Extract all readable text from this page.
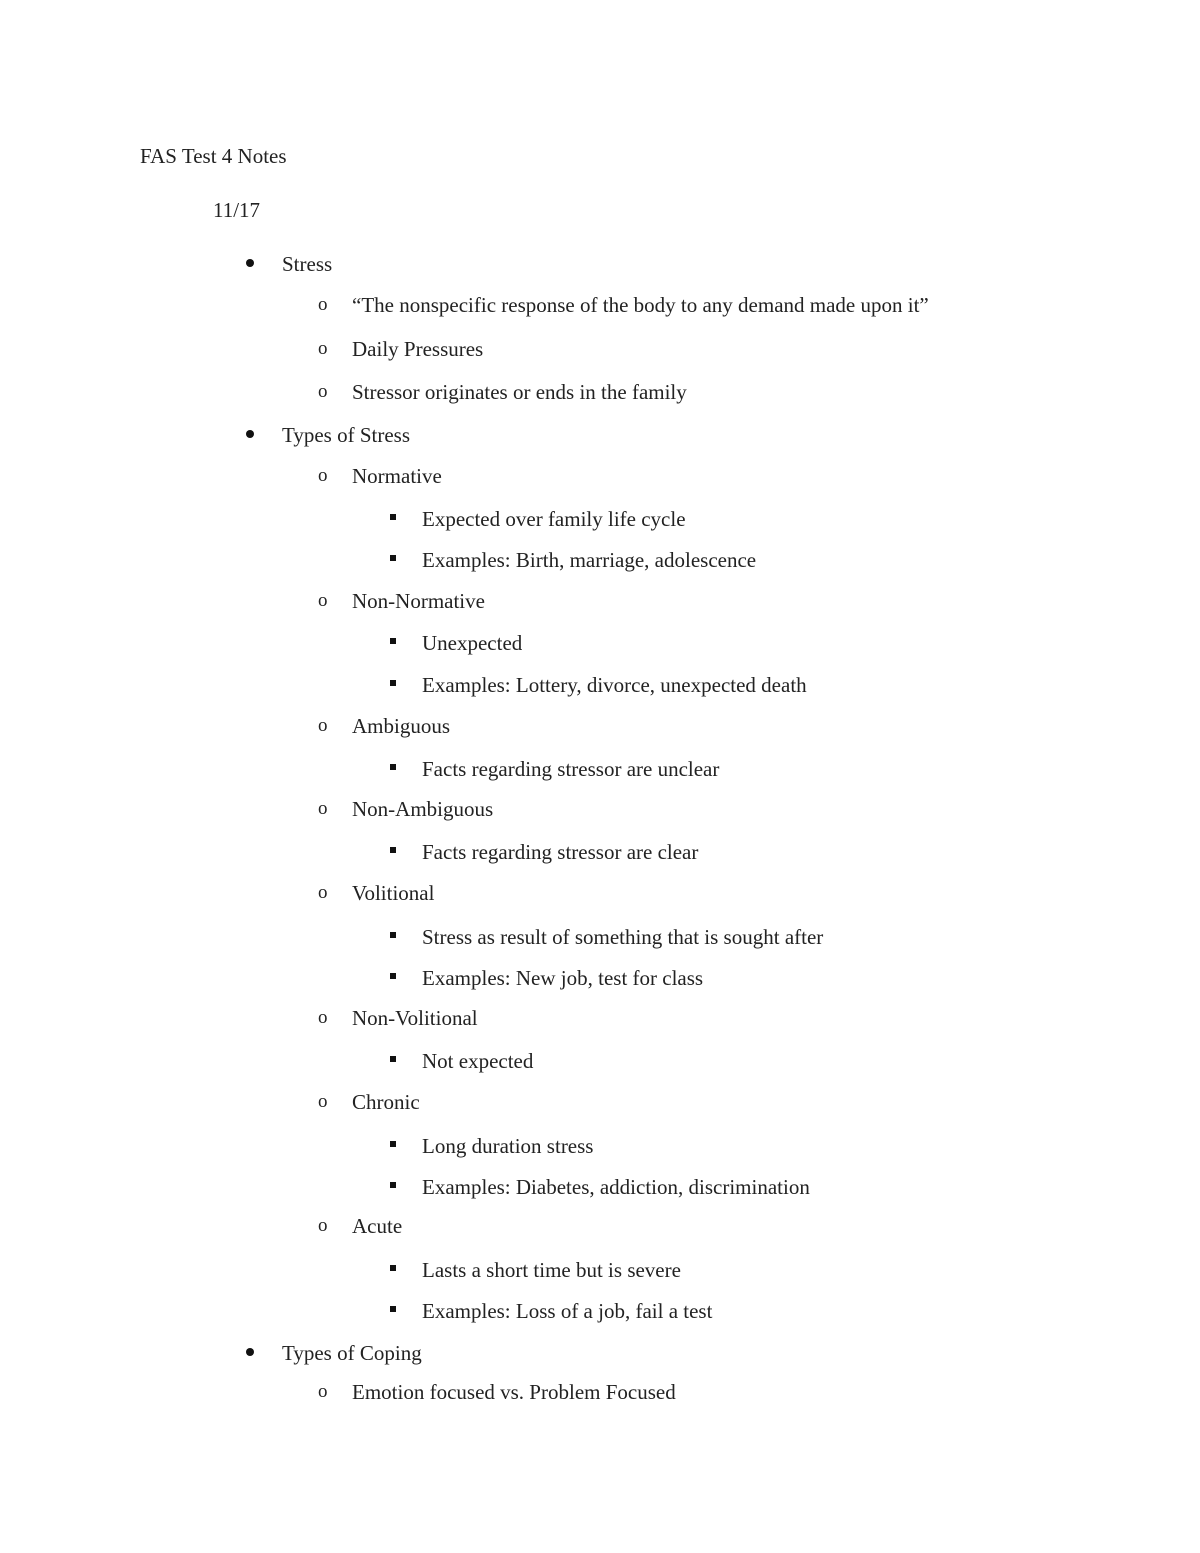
FAS Test 4 Notes
11/17
Stress
o “The nonspecific response of the body to any demand made upon it”
o Daily Pressures
o Stressor originates or ends in the family
Types of Stress
o Normative
Expected over family life cycle
Examples: Birth, marriage, adolescence
o Non-Normative
Unexpected
Examples: Lottery, divorce, unexpected death
o Ambiguous
Facts regarding stressor are unclear
o Non-Ambiguous
Facts regarding stressor are clear
o Volitional
Stress as result of something that is sought after
Examples: New job, test for class
o Non-Volitional
Not expected
o Chronic
Long duration stress
Examples: Diabetes, addiction, discrimination
o Acute
Lasts a short time but is severe
Examples: Loss of a job, fail a test
Types of Coping
o Emotion focused vs. Problem Focused
